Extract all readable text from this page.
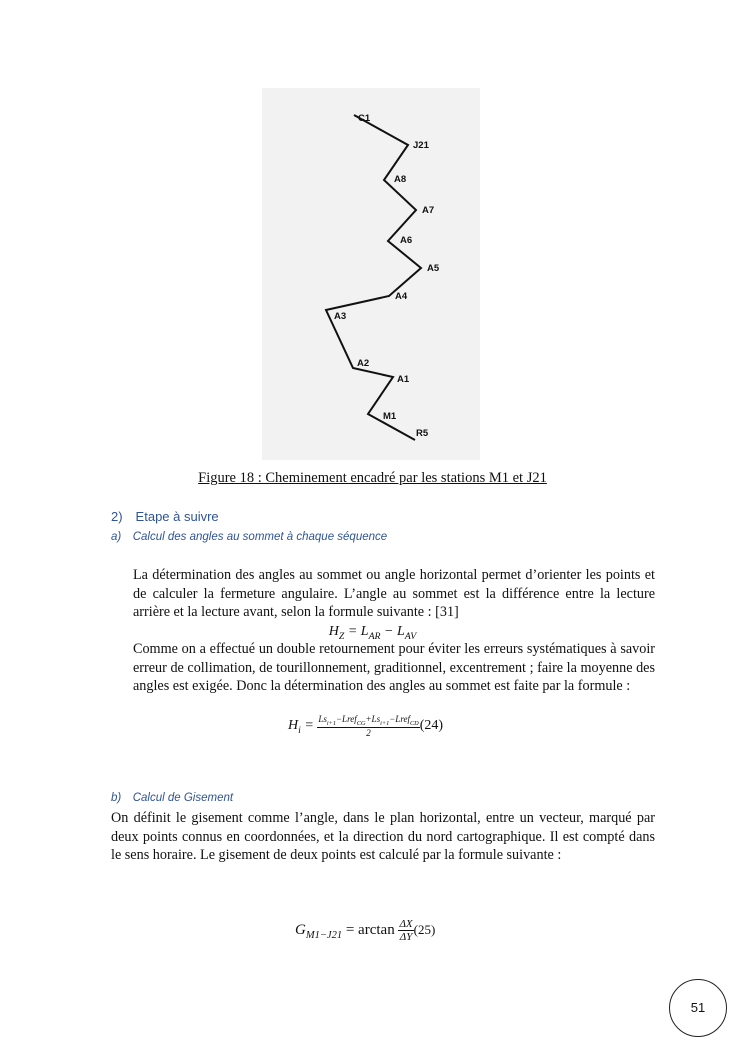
C1
J21
A8
A7
A6
A5
A4
A3
A2
A1
M1
R5
Figure 18 : Cheminement encadré par les stations M1 et J21
2) Etape à suivre
a) Calcul des angles au sommet à chaque séquence
La détermination des angles au sommet ou angle horizontal permet d’orienter les points et de calculer la fermeture angulaire. L’angle au sommet est la différence entre la lecture arrière et la lecture avant, selon la formule suivante : [31]
$H_Z = L_{AR} - L_{AV}$
Comme on a effectué un double retournement pour éviter les erreurs systématiques à savoir erreur de collimation, de tourillonnement, graditionnel, excentrement ; faire la moyenne des angles est exigée. Donc la détermination des angles au sommet est faite par la formule :
$H_i = \frac{Ls_{i+1}-Lref_{CG}+Ls_{i+1}-Lref_{CD}}{2} (24)$
b) Calcul de Gisement
On définit le gisement comme l’angle, dans le plan horizontal, entre un vecteur, marqué par deux points connus en coordonnées, et la direction du nord cartographique. Il est compté dans le sens horaire. Le gisement de deux points est calculé par la formule suivante :
$G_{M1-J21} = \arctan \frac{\Delta X}{\Delta Y} (25)$
51
